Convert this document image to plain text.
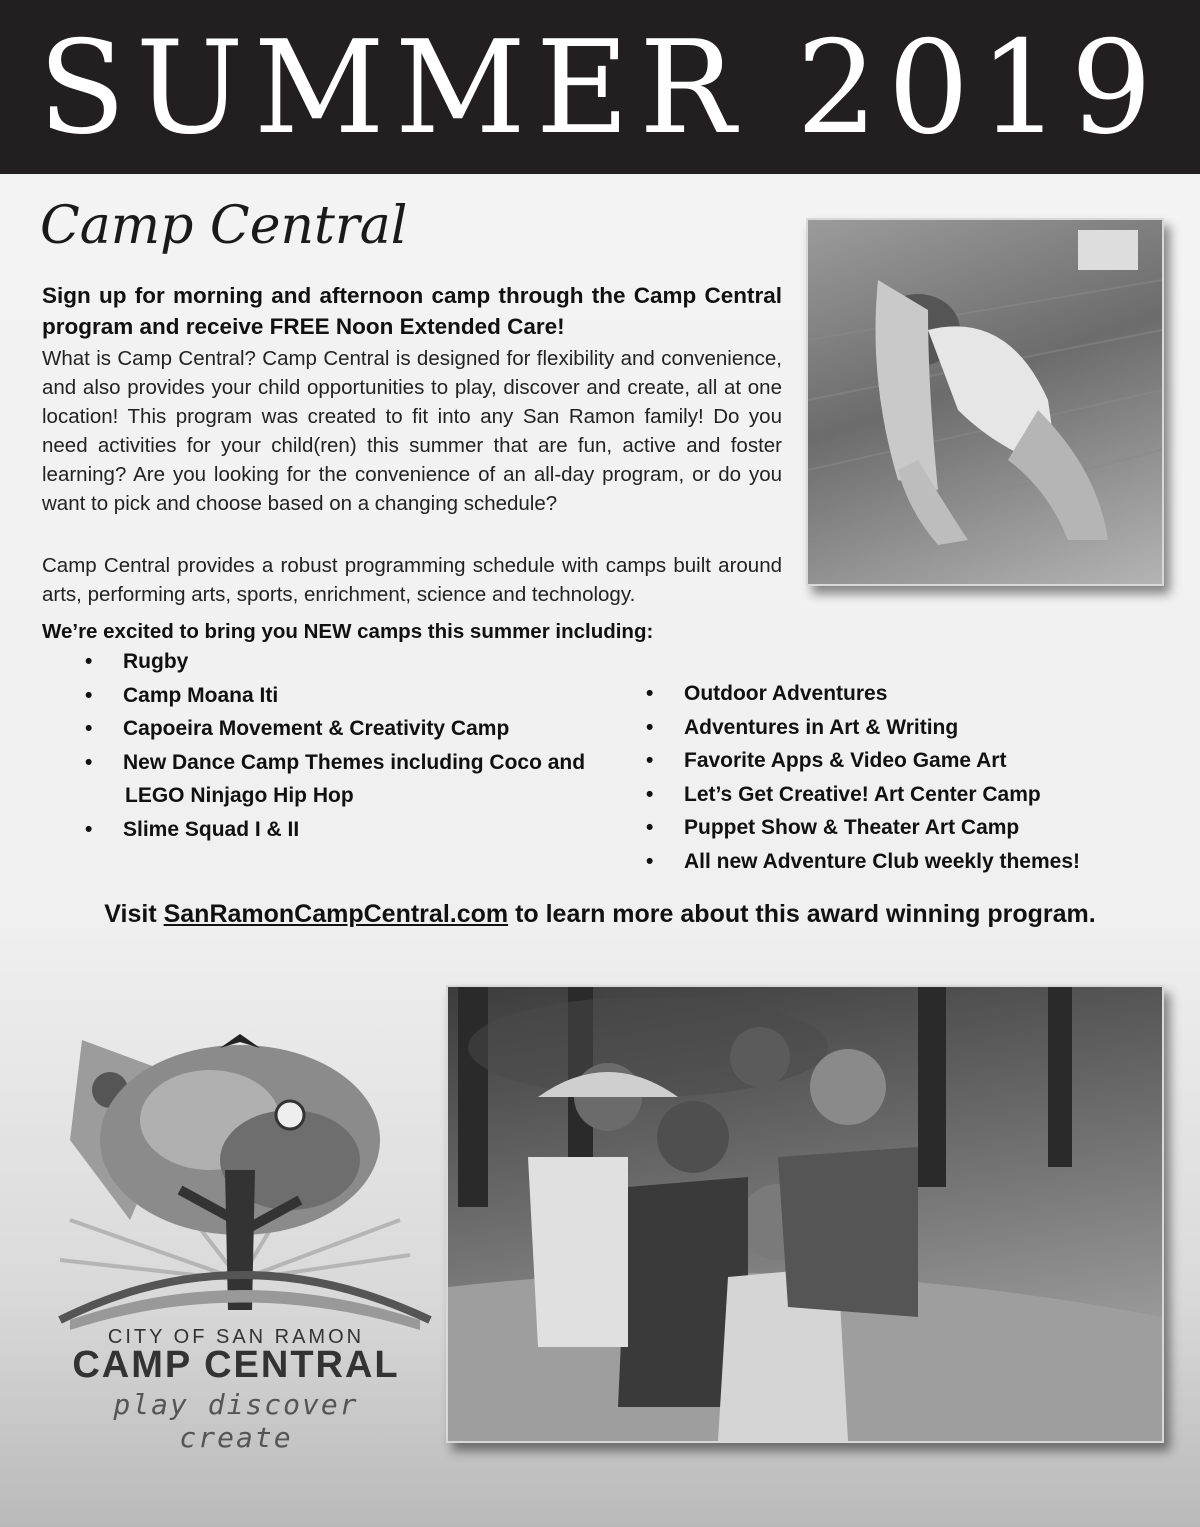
SUMMER 2019
Camp Central

Sign up for morning and afternoon camp through the Camp Central program and receive FREE Noon Extended Care!

What is Camp Central? Camp Central is designed for flexibility and convenience, and also provides your child opportunities to play, discover and create, all at one location! This program was created to fit into any San Ramon family! Do you need activities for your child(ren) this summer that are fun, active and foster learning? Are you looking for the convenience of an all-day program, or do you want to pick and choose based on a changing schedule?

Camp Central provides a robust programming schedule with camps built around arts, performing arts, sports, enrichment, science and technology.

We’re excited to bring you NEW camps this summer including:

• Rugby
• Camp Moana Iti
• Capoeira Movement & Creativity Camp
• New Dance Camp Themes including Coco and
LEGO Ninjago Hip Hop
• Slime Squad I & II
• Outdoor Adventures
• Adventures in Art & Writing
• Favorite Apps & Video Game Art
• Let’s Get Creative! Art Center Camp
• Puppet Show & Theater Art Camp
• All new Adventure Club weekly themes!

Visit SanRamonCampCentral.com to learn more about this award winning program.

CITY OF SAN RAMON

CAMP CENTRAL

play discover create
